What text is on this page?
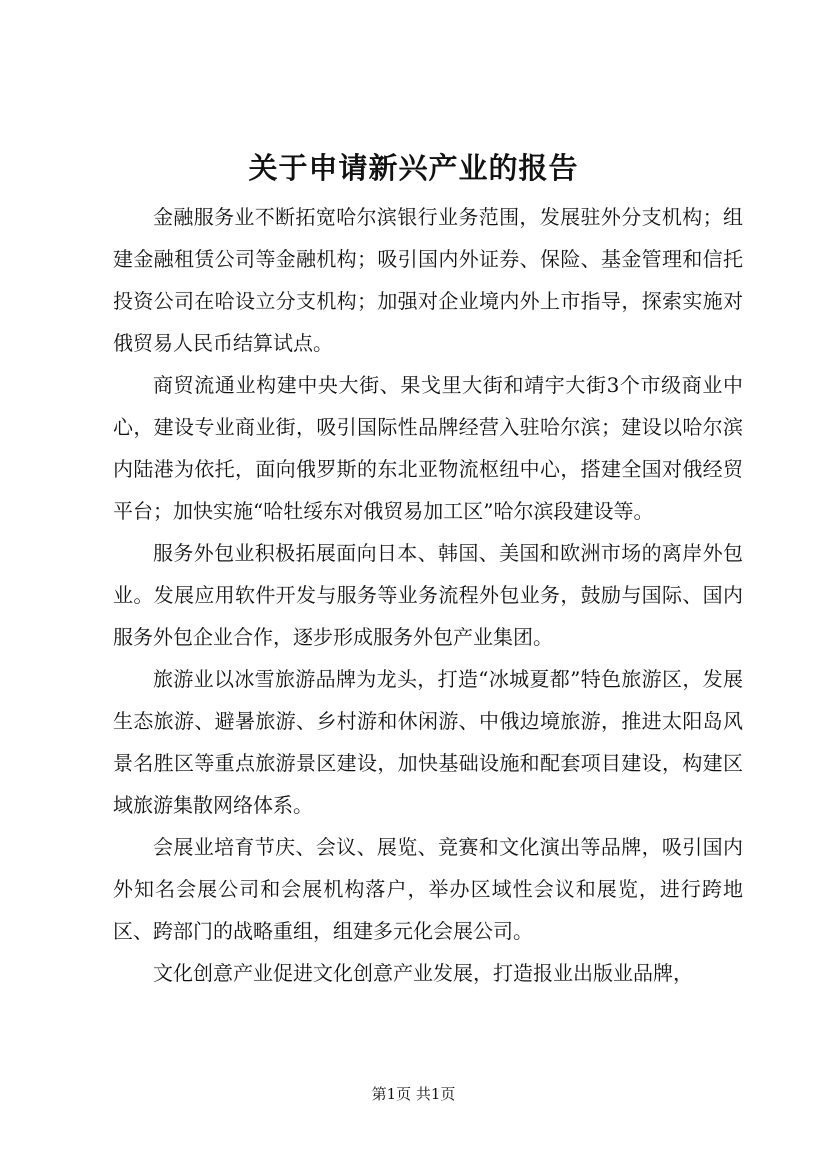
关于申请新兴产业的报告

金融服务业不断拓宽哈尔滨银行业务范围，发展驻外分支机构；组建金融租赁公司等金融机构；吸引国内外证券、保险、基金管理和信托投资公司在哈设立分支机构；加强对企业境内外上市指导，探索实施对俄贸易人民币结算试点。

商贸流通业构建中央大街、果戈里大街和靖宇大街3个市级商业中心，建设专业商业街，吸引国际性品牌经营入驻哈尔滨；建设以哈尔滨内陆港为依托，面向俄罗斯的东北亚物流枢纽中心，搭建全国对俄经贸平台；加快实施“哈牡绥东对俄贸易加工区”哈尔滨段建设等。

服务外包业积极拓展面向日本、韩国、美国和欧洲市场的离岸外包业。发展应用软件开发与服务等业务流程外包业务，鼓励与国际、国内服务外包企业合作，逐步形成服务外包产业集团。

旅游业以冰雪旅游品牌为龙头，打造“冰城夏都”特色旅游区，发展生态旅游、避暑旅游、乡村游和休闲游、中俄边境旅游，推进太阳岛风景名胜区等重点旅游景区建设，加快基础设施和配套项目建设，构建区域旅游集散网络体系。

会展业培育节庆、会议、展览、竞赛和文化演出等品牌，吸引国内外知名会展公司和会展机构落户，举办区域性会议和展览，进行跨地区、跨部门的战略重组，组建多元化会展公司。

文化创意产业促进文化创意产业发展，打造报业出版业品牌，

第1页 共1页
